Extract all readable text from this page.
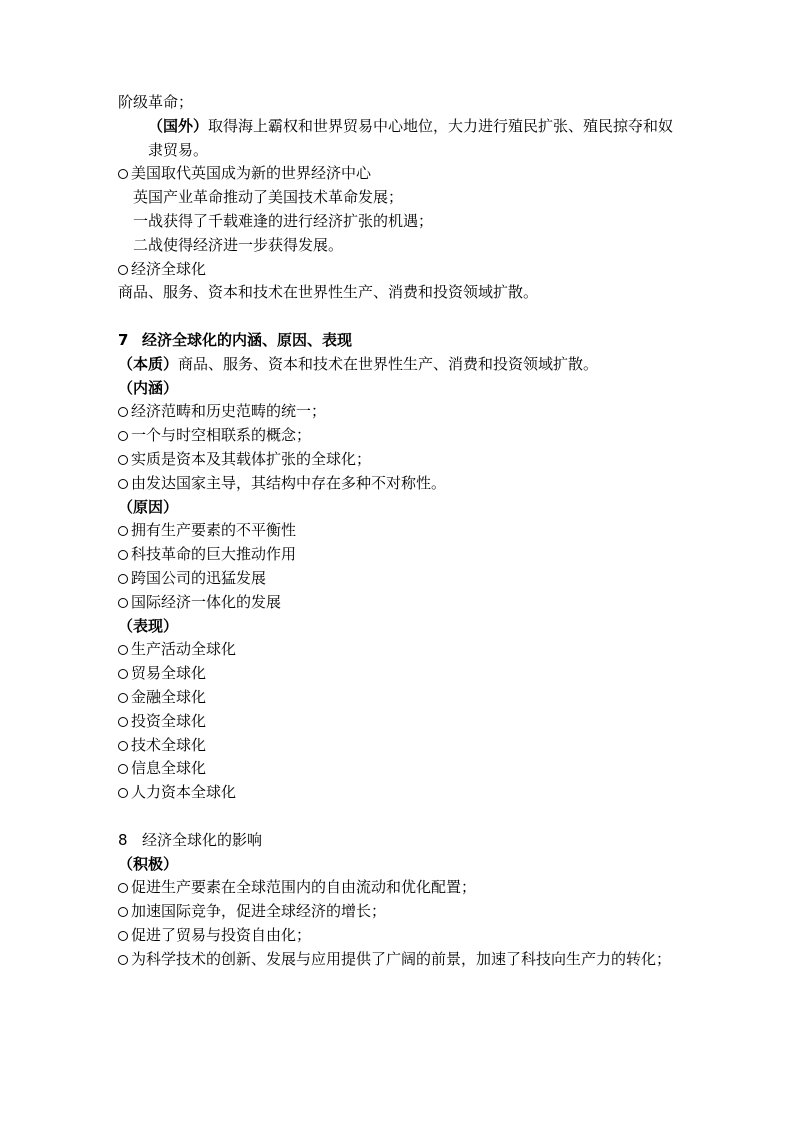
阶级革命；
（国外）取得海上霸权和世界贸易中心地位，大力进行殖民扩张、殖民掠夺和奴隶贸易。
美国取代英国成为新的世界经济中心
英国产业革命推动了美国技术革命发展；
一战获得了千载难逢的进行经济扩张的机遇；
二战使得经济进一步获得发展。
经济全球化
商品、服务、资本和技术在世界性生产、消费和投资领域扩散。
7 经济全球化的内涵、原因、表现
（本质）商品、服务、资本和技术在世界性生产、消费和投资领域扩散。
（内涵）
经济范畴和历史范畴的统一；
一个与时空相联系的概念；
实质是资本及其载体扩张的全球化；
由发达国家主导，其结构中存在多种不对称性。
（原因）
拥有生产要素的不平衡性
科技革命的巨大推动作用
跨国公司的迅猛发展
国际经济一体化的发展
（表现）
生产活动全球化
贸易全球化
金融全球化
投资全球化
技术全球化
信息全球化
人力资本全球化
8 经济全球化的影响
（积极）
促进生产要素在全球范围内的自由流动和优化配置；
加速国际竞争，促进全球经济的增长；
促进了贸易与投资自由化；
为科学技术的创新、发展与应用提供了广阔的前景，加速了科技向生产力的转化；
